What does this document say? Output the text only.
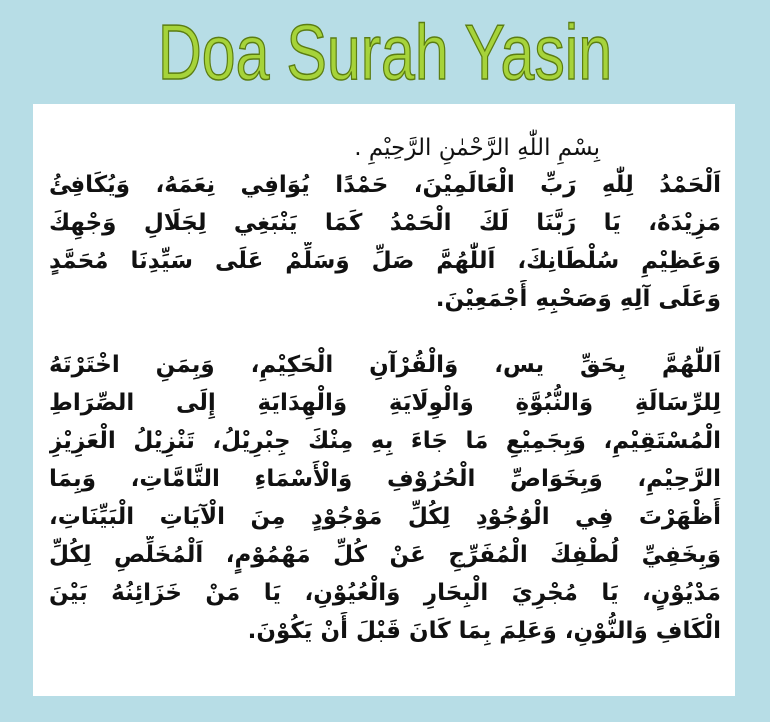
Doa Surah Yasin
بِسْمِ اللّٰهِ الرَّحْمٰنِ الرَّحِيْمِ .
اَلْحَمْدُ لِلّٰهِ رَبِّ الْعَالَمِيْنَ، حَمْدًا يُوَافِي نِعَمَهُ، وَيُكَافِئُ
مَزِيْدَهُ، يَا رَبَّنَا لَكَ الْحَمْدُ كَمَا يَنْبَغِي لِجَلَالِ وَجْهِكَ
وَعَظِيْمِ سُلْطَانِكَ، اَللّٰهُمَّ صَلِّ وَسَلِّمْ عَلَى سَيِّدِنَا مُحَمَّدٍ
وَعَلَى آلِهِ وَصَحْبِهِ أَجْمَعِيْنَ.
اَللّٰهُمَّ بِحَقِّ يس، وَالْقُرْآنِ الْحَكِيْمِ، وَبِمَنِ اخْتَرْتَهُ
لِلرِّسَالَةِ وَالنُّبُوَّةِ وَالْوِلَايَةِ وَالْهِدَايَةِ إِلَى الصِّرَاطِ
الْمُسْتَقِيْمِ، وَبِجَمِيْعِ مَا جَاءَ بِهِ مِنْكَ جِبْرِيْلُ، تَنْزِيْلُ الْعَزِيْزِ
الرَّحِيْمِ، وَبِخَوَاصِّ الْحُرُوْفِ وَالْأَسْمَاءِ التَّامَّاتِ، وَبِمَا
أَظْهَرْتَ فِي الْوُجُوْدِ لِكُلِّ مَوْجُوْدٍ مِنَ الْآيَاتِ الْبَيِّنَاتِ،
وَبِخَفِيِّ لُطْفِكَ الْمُفَرِّجِ عَنْ كُلِّ مَهْمُوْمٍ، اَلْمُخَلِّصِ لِكُلِّ
مَدْيُوْنٍ، يَا مُجْرِيَ الْبِحَارِ وَالْعُيُوْنِ، يَا مَنْ خَزَائِنُهُ بَيْنَ
الْكَافِ وَالنُّوْنِ، وَعَلِمَ بِمَا كَانَ قَبْلَ أَنْ يَكُوْنَ.
